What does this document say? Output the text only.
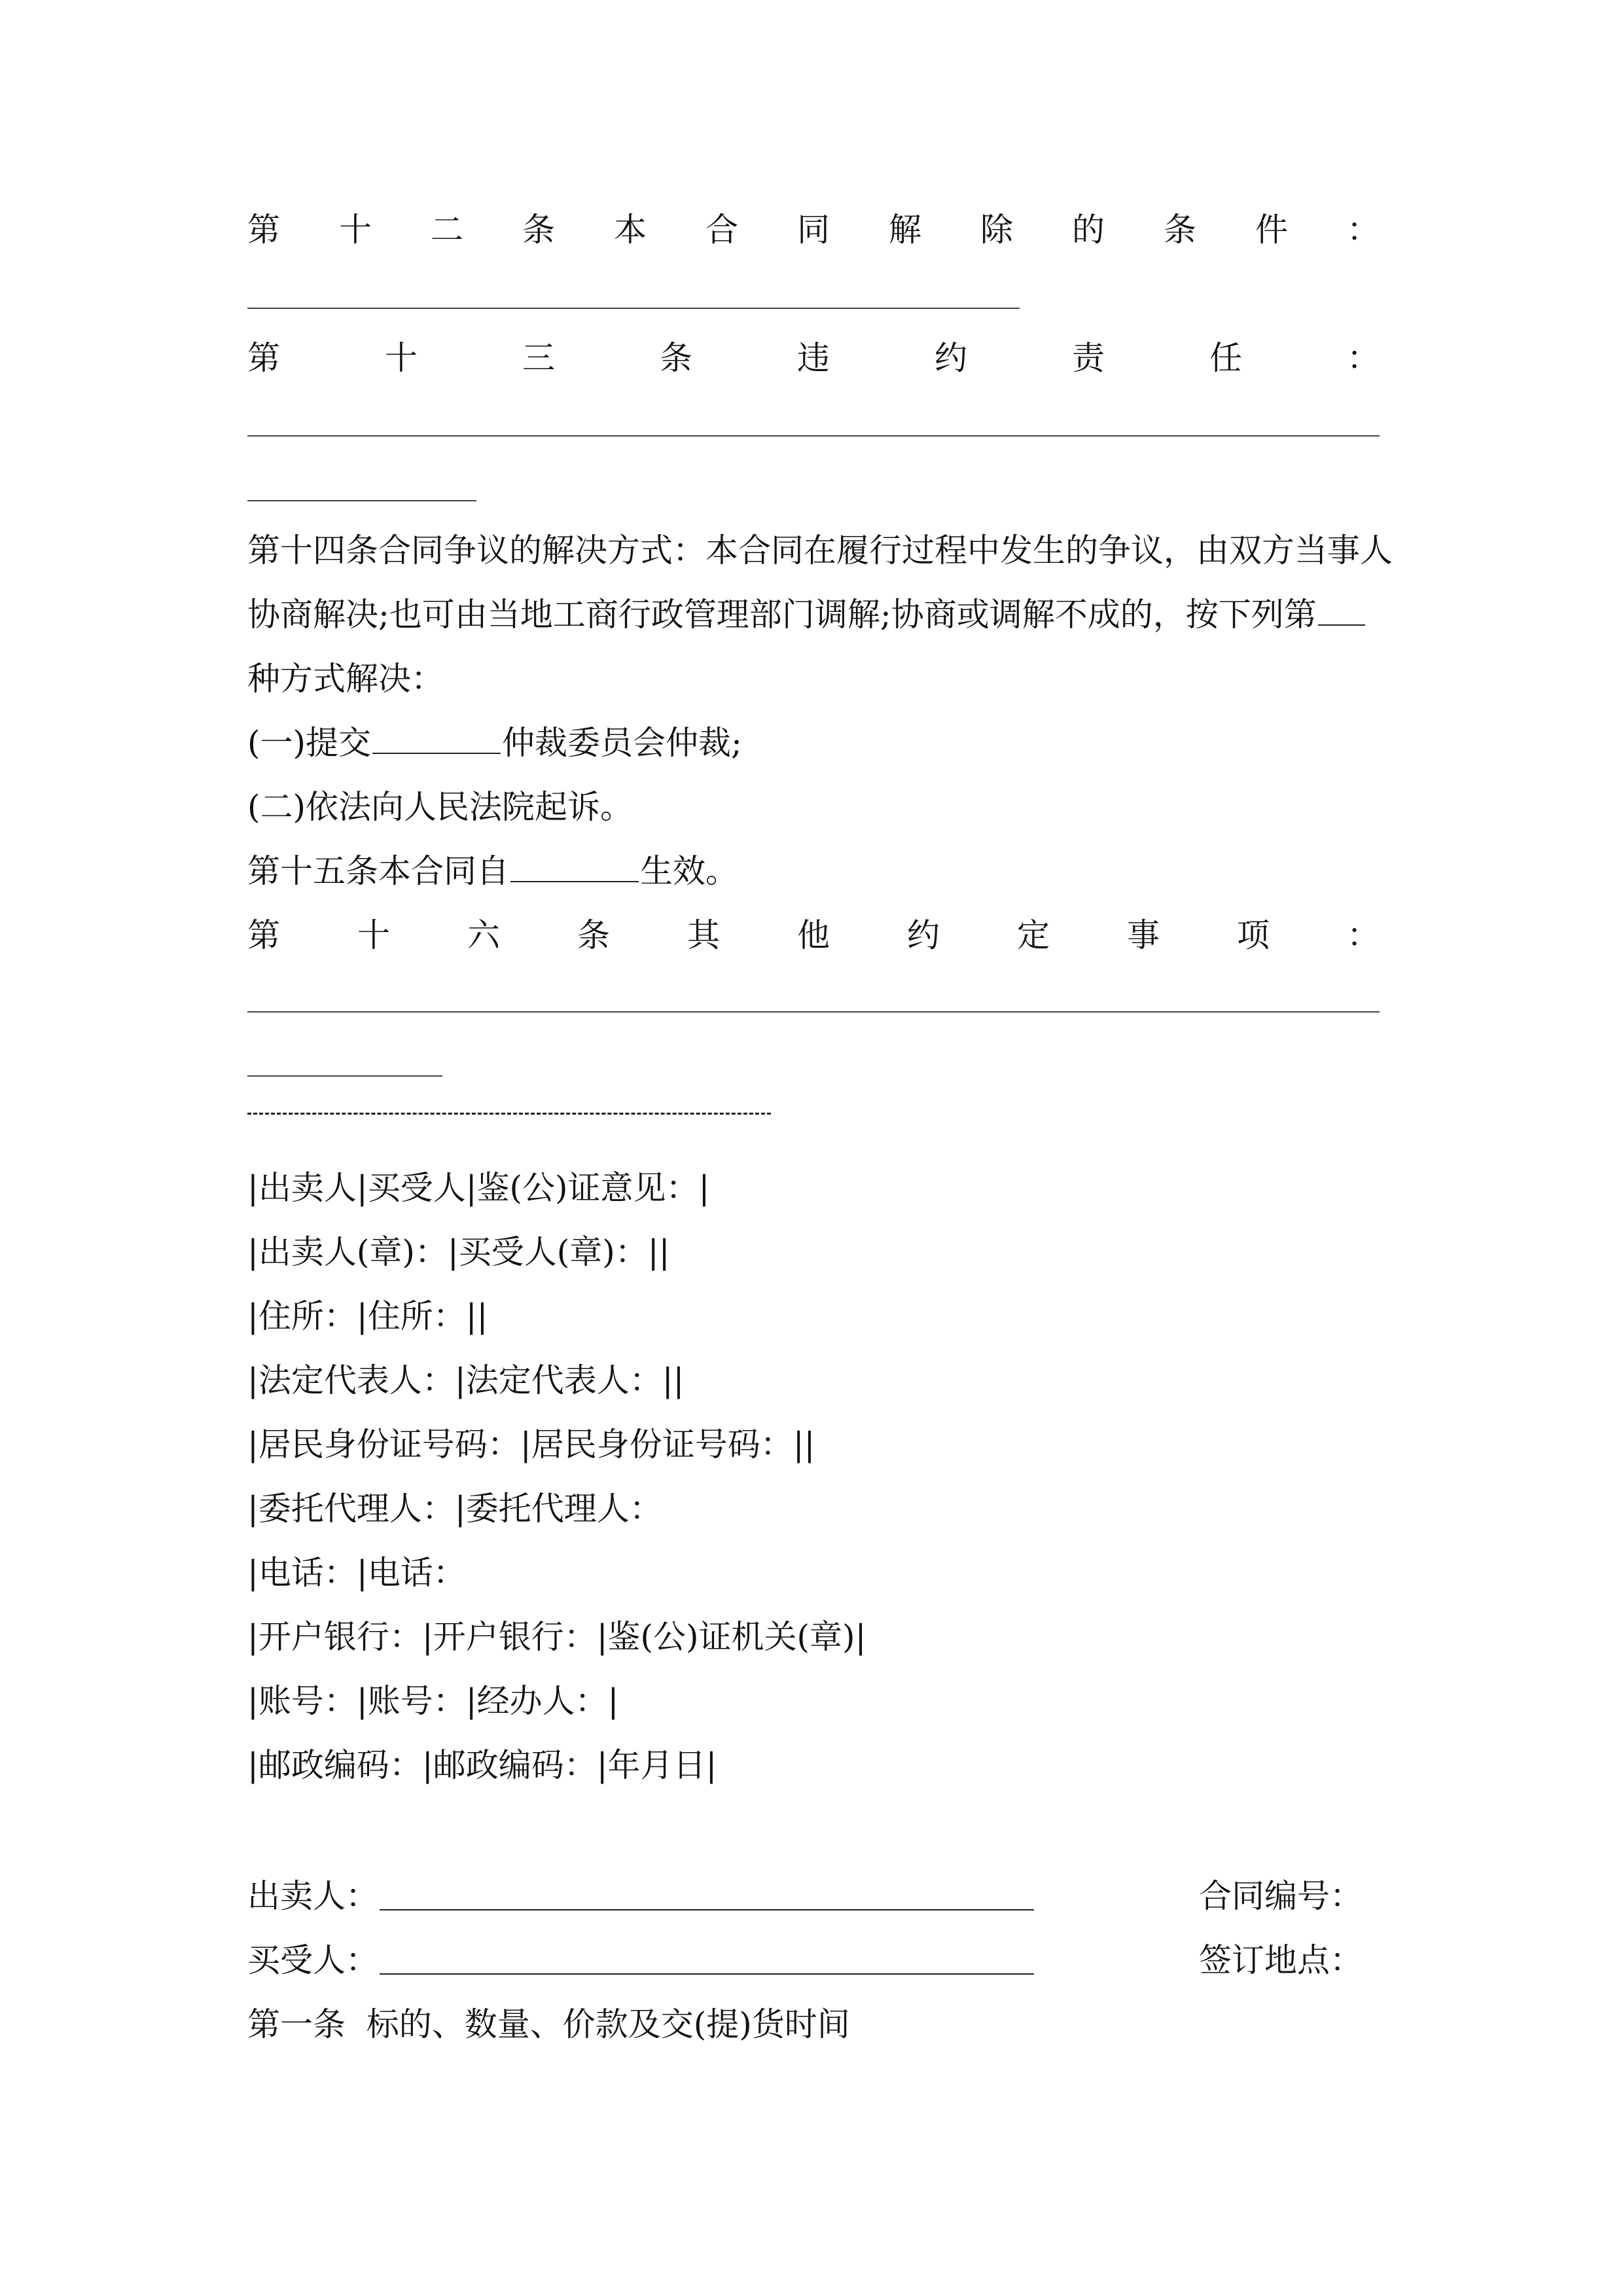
第 十 二 条 本 合 同 解 除 的 条 件 ：
第	十	三	条	违	约	责	任	：
第十四条合同争议的解决方式：本合同在履行过程中发生的争议，由双方当事人
协商解决;也可由当地工商行政管理部门调解;协商或调解不成的，按下列第
种方式解决：
(一)提交	仲裁委员会仲裁;
(二)依法向人民法院起诉。
第十五条本合同自	生效。
第 十 六 条 其 他 约 定 事 项 ：
|出卖人|买受人|鉴(公)证意见：|
|出卖人(章)：|买受人(章)：||
|住所：|住所：||
|法定代表人：|法定代表人：||
|居民身份证号码：|居民身份证号码：||
|委托代理人：|委托代理人：
|电话：|电话：
|开户银行：|开户银行：|鉴(公)证机关(章)|
|账号：|账号：|经办人：|
|邮政编码：|邮政编码：|年月日|
出卖人：	合同编号：
买受人：	签订地点：
第一条  标的、数量、价款及交(提)货时间
